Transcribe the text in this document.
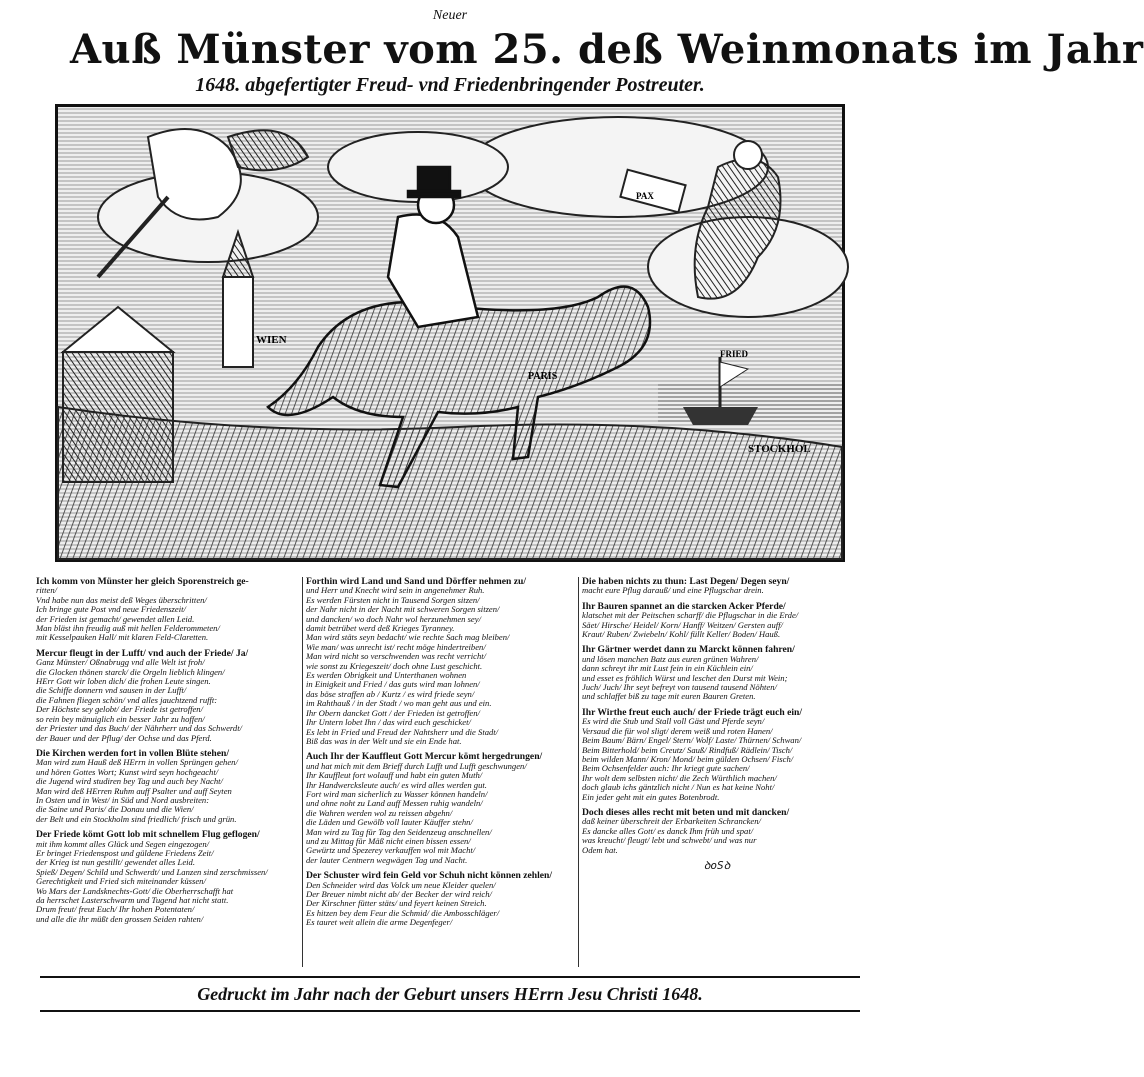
Neuer
Auß Münster vom 25. deß Weinmonats im Jahr
1648. abgefertigter Freud- vnd Friedenbringender Postreuter.
WIEN
PARIS
FRIED
STOCKHOL
PAX
Ich komm von Münster her gleich Sporenstreich ge-
ritten/
Vnd habe nun das meist deß Weges überschritten/
Ich bringe gute Post vnd neue Friedenszeit/
der Frieden ist gemacht/ gewendet allen Leid.
Man bläst ihn freudig auß mit hellen Felderommeten/
mit Kesselpauken Hall/ mit klaren Feld-Claretten.
Mercur fleugt in der Lufft/ vnd auch der Friede/ Ja/
Ganz Münster/ Oßnabrugg vnd alle Welt ist froh/
die Glocken thönen starck/ die Orgeln lieblich klingen/
HErr Gott wir loben dich/ die frohen Leute singen.
die Schiffe donnern vnd sausen in der Lufft/
die Fahnen fliegen schön/ vnd alles jauchtzend rufft:
Der Höchste sey gelobt/ der Friede ist getroffen/
so rein bey mänuiglich ein besser Jahr zu hoffen/
der Priester und das Buch/ der Nährherr und das Schwerdt/
der Bauer und der Pflug/ der Ochse und das Pferd.
Die Kirchen werden fort in vollen Blüte stehen/
Man wird zum Hauß deß HErrn in vollen Sprüngen gehen/
und hören Gottes Wort; Kunst wird seyn hochgeacht/
die Jugend wird studiren bey Tag und auch bey Nacht/
Man wird deß HErren Ruhm auff Psalter und auff Seyten
In Osten und in West/ in Süd und Nord ausbreiten:
die Saine und Paris/ die Donau und die Wien/
der Belt und ein Stockholm sind friedlich/ frisch und grün.
Der Friede kömt Gott lob mit schnellem Flug geflogen/
mit ihm kommt alles Glück und Segen eingezogen/
Er bringet Friedenspost und güldene Friedens Zeit/
der Krieg ist nun gestillt/ gewendet alles Leid.
Spieß/ Degen/ Schild und Schwerdt/ und Lanzen sind zerschmissen/
Gerechtigkeit und Fried sich miteinander küssen/
Wo Mars der Landsknechts-Gott/ die Oberherrschafft hat
da herrschet Lasterschwarm und Tugend hat nicht statt.
Drum freut/ freut Euch/ Ihr hohen Potentaten/
und alle die ihr müßt den grossen Seiden rahten/
Forthin wird Land und Sand und Dörffer nehmen zu/
und Herr und Knecht wird sein in angenehmer Ruh.
Es werden Fürsten nicht in Tausend Sorgen sitzen/
der Nahr nicht in der Nacht mit schweren Sorgen sitzen/
und dancken/ wo doch Nahr wol herzunehmen sey/
damit betrübet werd deß Krieges Tyranney.
Man wird stäts seyn bedacht/ wie rechte Sach mag bleiben/
Wie man/ was unrecht ist/ recht möge hindertreiben/
Man wird nicht so verschwenden was recht verricht/
wie sonst zu Kriegeszeit/ doch ohne Lust geschicht.
Es werden Obrigkeit und Unterthanen wohnen
in Einigkeit und Fried / das guts wird man lohnen/
das böse straffen ab / Kurtz / es wird friede seyn/
im Rahthauß / in der Stadt / wo man geht aus und ein.
Ihr Obern dancket Gott / der Frieden ist getroffen/
Ihr Untern lobet Ihn / das wird euch geschicket/
Es lebt in Fried und Freud der Nahtsherr und die Stadt/
Biß das was in der Welt und sie ein Ende hat.
Auch Ihr der Kauffleut Gott Mercur kömt hergedrungen/
und hat mich mit dem Brieff durch Lufft und Lufft geschwungen/
Ihr Kauffleut fort wolauff und habt ein guten Muth/
Ihr Handwercksleute auch/ es wird alles werden gut.
Fort wird man sicherlich zu Wasser können handeln/
und ohne noht zu Land auff Messen ruhig wandeln/
die Wahren werden wol zu reissen abgehn/
die Läden und Gewölb voll lauter Käuffer stehn/
Man wird zu Tag für Tag den Seidenzeug anschnellen/
und zu Mittag für Mäß nicht einen bissen essen/
Gewürtz und Spezerey verkauffen wol mit Macht/
der lauter Centnern wegwägen Tag und Nacht.
Der Schuster wird fein Geld vor Schuh nicht können zehlen/
Den Schneider wird das Volck um neue Kleider quelen/
Der Breuer nimbt nicht ab/ der Becker der wird reich/
Der Kirschner fütter stäts/ und feyert keinen Streich.
Es hitzen bey dem Feur die Schmid/ die Ambosschläger/
Es tauret weit allein die arme Degenfeger/
Die haben nichts zu thun: Last Degen/ Degen seyn/
macht eure Pflug darauß/ und eine Pflugschar drein.
Ihr Bauren spannet an die starcken Acker Pferde/
klatschet mit der Peitschen scharff/ die Pflugschar in die Erde/
Säet/ Hirsche/ Heidel/ Korn/ Hanff/ Weitzen/ Gersten auff/
Kraut/ Ruben/ Zwiebeln/ Kohl/ füllt Keller/ Boden/ Hauß.
Ihr Gärtner werdet dann zu Marckt können fahren/
und lösen manchen Batz aus euren grünen Wahren/
dann schreyt ihr mit Lust fein in ein Küchlein ein/
und esset es fröhlich Würst und leschet den Durst mit Wein;
Juch/ Juch/ Ihr seyt befreyt von tausend tausend Nöhten/
und schlaffet biß zu tage mit euren Bauren Greten.
Ihr Wirthe freut euch auch/ der Friede trägt euch ein/
Es wird die Stub und Stall voll Gäst und Pferde seyn/
Versaud die für wol sligt/ derem weiß und roten Hanen/
Beim Baum/ Bärn/ Engel/ Stern/ Wolf/ Laste/ Thürnen/ Schwan/
Beim Bitterhold/ beim Creutz/ Sauß/ Rindfuß/ Rädlein/ Tisch/
beim wilden Mann/ Kron/ Mond/ beim gülden Ochsen/ Fisch/
Beim Ochsenfelder auch: Ihr kriegt gute sachen/
Ihr wolt dem selbsten nicht/ die Zech Würthlich machen/
doch glaub ichs gäntzlich nicht / Nun es hat keine Noht/
Ein jeder geht mit ein gutes Botenbrodt.
Doch dieses alles recht mit beten und mit dancken/
daß keiner überschreit der Erbarkeiten Schrancken/
Es dancke alles Gott/ es danck Ihm früh und spat/
was kreucht/ fleugt/ lebt und schwebt/ und was nur
Odem hat.
ꝺoSꝺ
Gedruckt im Jahr nach der Geburt unsers HErrn Jesu Christi 1648.
